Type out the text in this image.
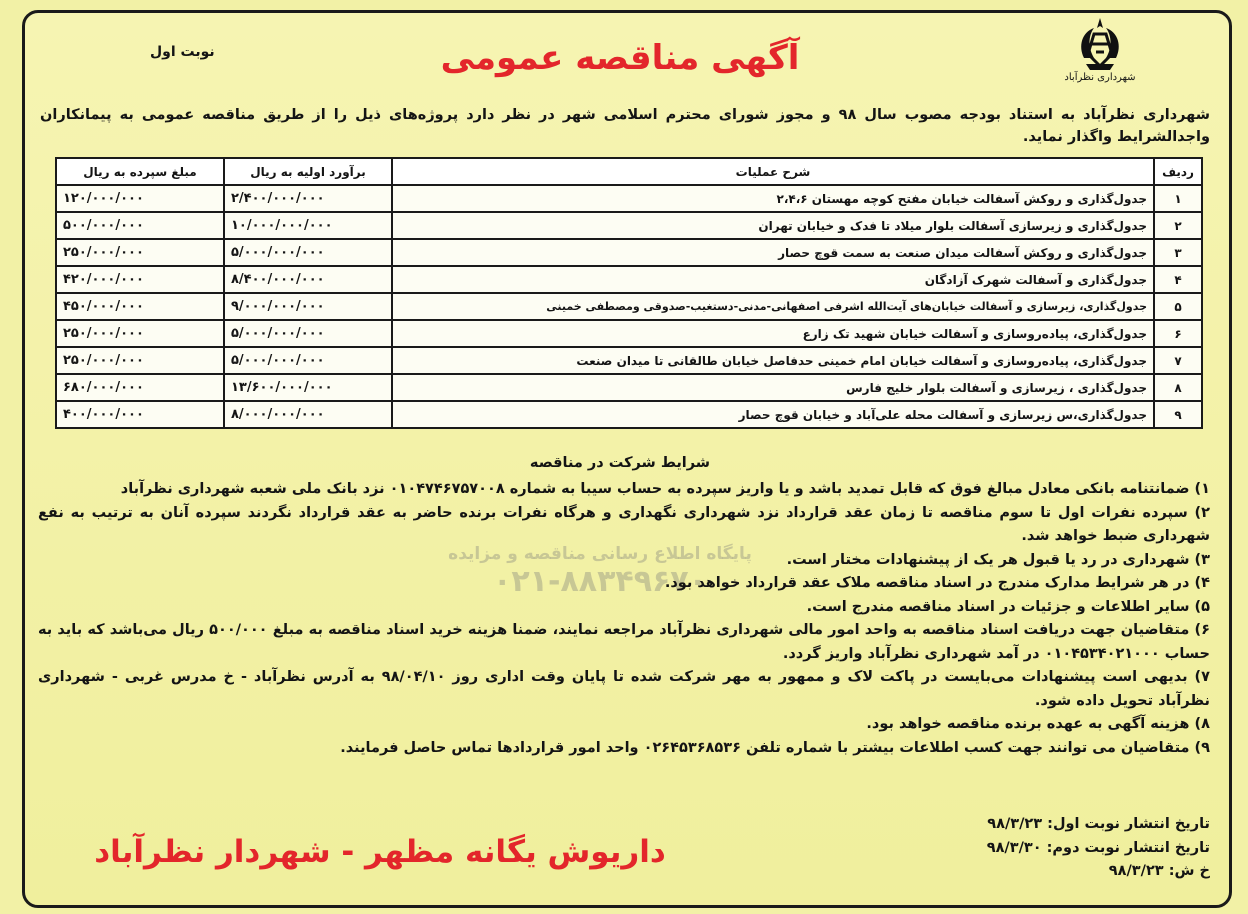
شهرداری نظرآباد
آگهی مناقصه عمومی
نوبت اول
شهرداری نظرآباد به استناد بودجه مصوب سال ۹۸ و مجوز شورای محترم اسلامی شهر در نظر دارد پروژه‌های ذیل را از طریق مناقصه عمومی به پیمانکاران واجدالشرایط واگذار نماید.
ردیف	شرح عملیات	برآورد اولیه به ریال	مبلغ سپرده به ریال
۱	جدول‌گذاری و روکش آسفالت خیابان مفتح کوچه مهستان ۲،۴،۶	۲/۴۰۰/۰۰۰/۰۰۰	۱۲۰/۰۰۰/۰۰۰
۲	جدول‌گذاری و زیرسازی آسفالت بلوار میلاد تا فدک و خیابان تهران	۱۰/۰۰۰/۰۰۰/۰۰۰	۵۰۰/۰۰۰/۰۰۰
۳	جدول‌گذاری و روکش آسفالت میدان صنعت به سمت قوچ حصار	۵/۰۰۰/۰۰۰/۰۰۰	۲۵۰/۰۰۰/۰۰۰
۴	جدول‌گذاری و آسفالت شهرک آزادگان	۸/۴۰۰/۰۰۰/۰۰۰	۴۲۰/۰۰۰/۰۰۰
۵	جدول‌گذاری، زیرسازی و آسفالت خیابان‌های آیت‌الله اشرفی اصفهانی-مدنی-دستغیب-صدوقی ومصطفی خمینی	۹/۰۰۰/۰۰۰/۰۰۰	۴۵۰/۰۰۰/۰۰۰
۶	جدول‌گذاری، پیاده‌روسازی و آسفالت خیابان شهید تک زارع	۵/۰۰۰/۰۰۰/۰۰۰	۲۵۰/۰۰۰/۰۰۰
۷	جدول‌گذاری، پیاده‌روسازی و آسفالت خیابان امام خمینی حدفاصل خیابان طالقانی تا میدان صنعت	۵/۰۰۰/۰۰۰/۰۰۰	۲۵۰/۰۰۰/۰۰۰
۸	جدول‌گذاری ، زیرسازی و آسفالت بلوار خلیج فارس	۱۳/۶۰۰/۰۰۰/۰۰۰	۶۸۰/۰۰۰/۰۰۰
۹	جدول‌گذاری،س زیرسازی و آسفالت محله علی‌آباد و خیابان قوچ حصار	۸/۰۰۰/۰۰۰/۰۰۰	۴۰۰/۰۰۰/۰۰۰
پایگاه اطلاع رسانی مناقصه و مزایده
۰۲۱-۸۸۳۴۹۶۷۰
شرایط شرکت در مناقصه

۱) ضمانتنامه بانکی معادل مبالغ فوق که قابل تمدید باشد و یا واریز سپرده به حساب سیبا به شماره ۰۱۰۴۷۴۶۷۵۷۰۰۸ نزد بانک ملی شعبه شهرداری نظرآباد

۲) سپرده نفرات اول تا سوم مناقصه تا زمان عقد قرارداد نزد شهرداری نگهداری و هرگاه نفرات برنده حاضر به عقد قرارداد نگردند سپرده آنان به ترتیب به نفع شهرداری ضبط خواهد شد.

۳) شهرداری در رد یا قبول هر یک از پیشنهادات مختار است.

۴) در هر شرایط مدارک مندرج در اسناد مناقصه ملاک عقد قرارداد خواهد بود.

۵) سایر اطلاعات و جزئیات در اسناد مناقصه مندرج است.

۶) متقاضیان جهت دریافت اسناد مناقصه به واحد امور مالی شهرداری نظرآباد مراجعه نمایند، ضمنا هزینه خرید اسناد مناقصه به مبلغ ۵۰۰/۰۰۰ ریال می‌باشد که باید به حساب ۰۱۰۴۵۳۴۰۲۱۰۰۰ در آمد شهرداری نظرآباد واریز گردد.

۷) بدیهی است پیشنهادات می‌بایست در پاکت لاک و ممهور به مهر شرکت شده تا پایان وقت اداری روز ۹۸/۰۴/۱۰ به آدرس نظرآباد - خ مدرس غربی - شهرداری نظرآباد تحویل داده شود.

۸) هزینه آگهی به عهده برنده مناقصه خواهد بود.

۹) متقاضیان می توانند جهت کسب اطلاعات بیشتر با شماره تلفن ۰۲۶۴۵۳۶۸۵۳۶ واحد امور قراردادها تماس حاصل فرمایند.

تاریخ انتشار نوبت اول: ۹۸/۳/۲۳

تاریخ انتشار نوبت دوم: ۹۸/۳/۳۰

خ ش: ۹۸/۳/۲۳

داریوش یگانه مظهر - شهردار نظرآباد
